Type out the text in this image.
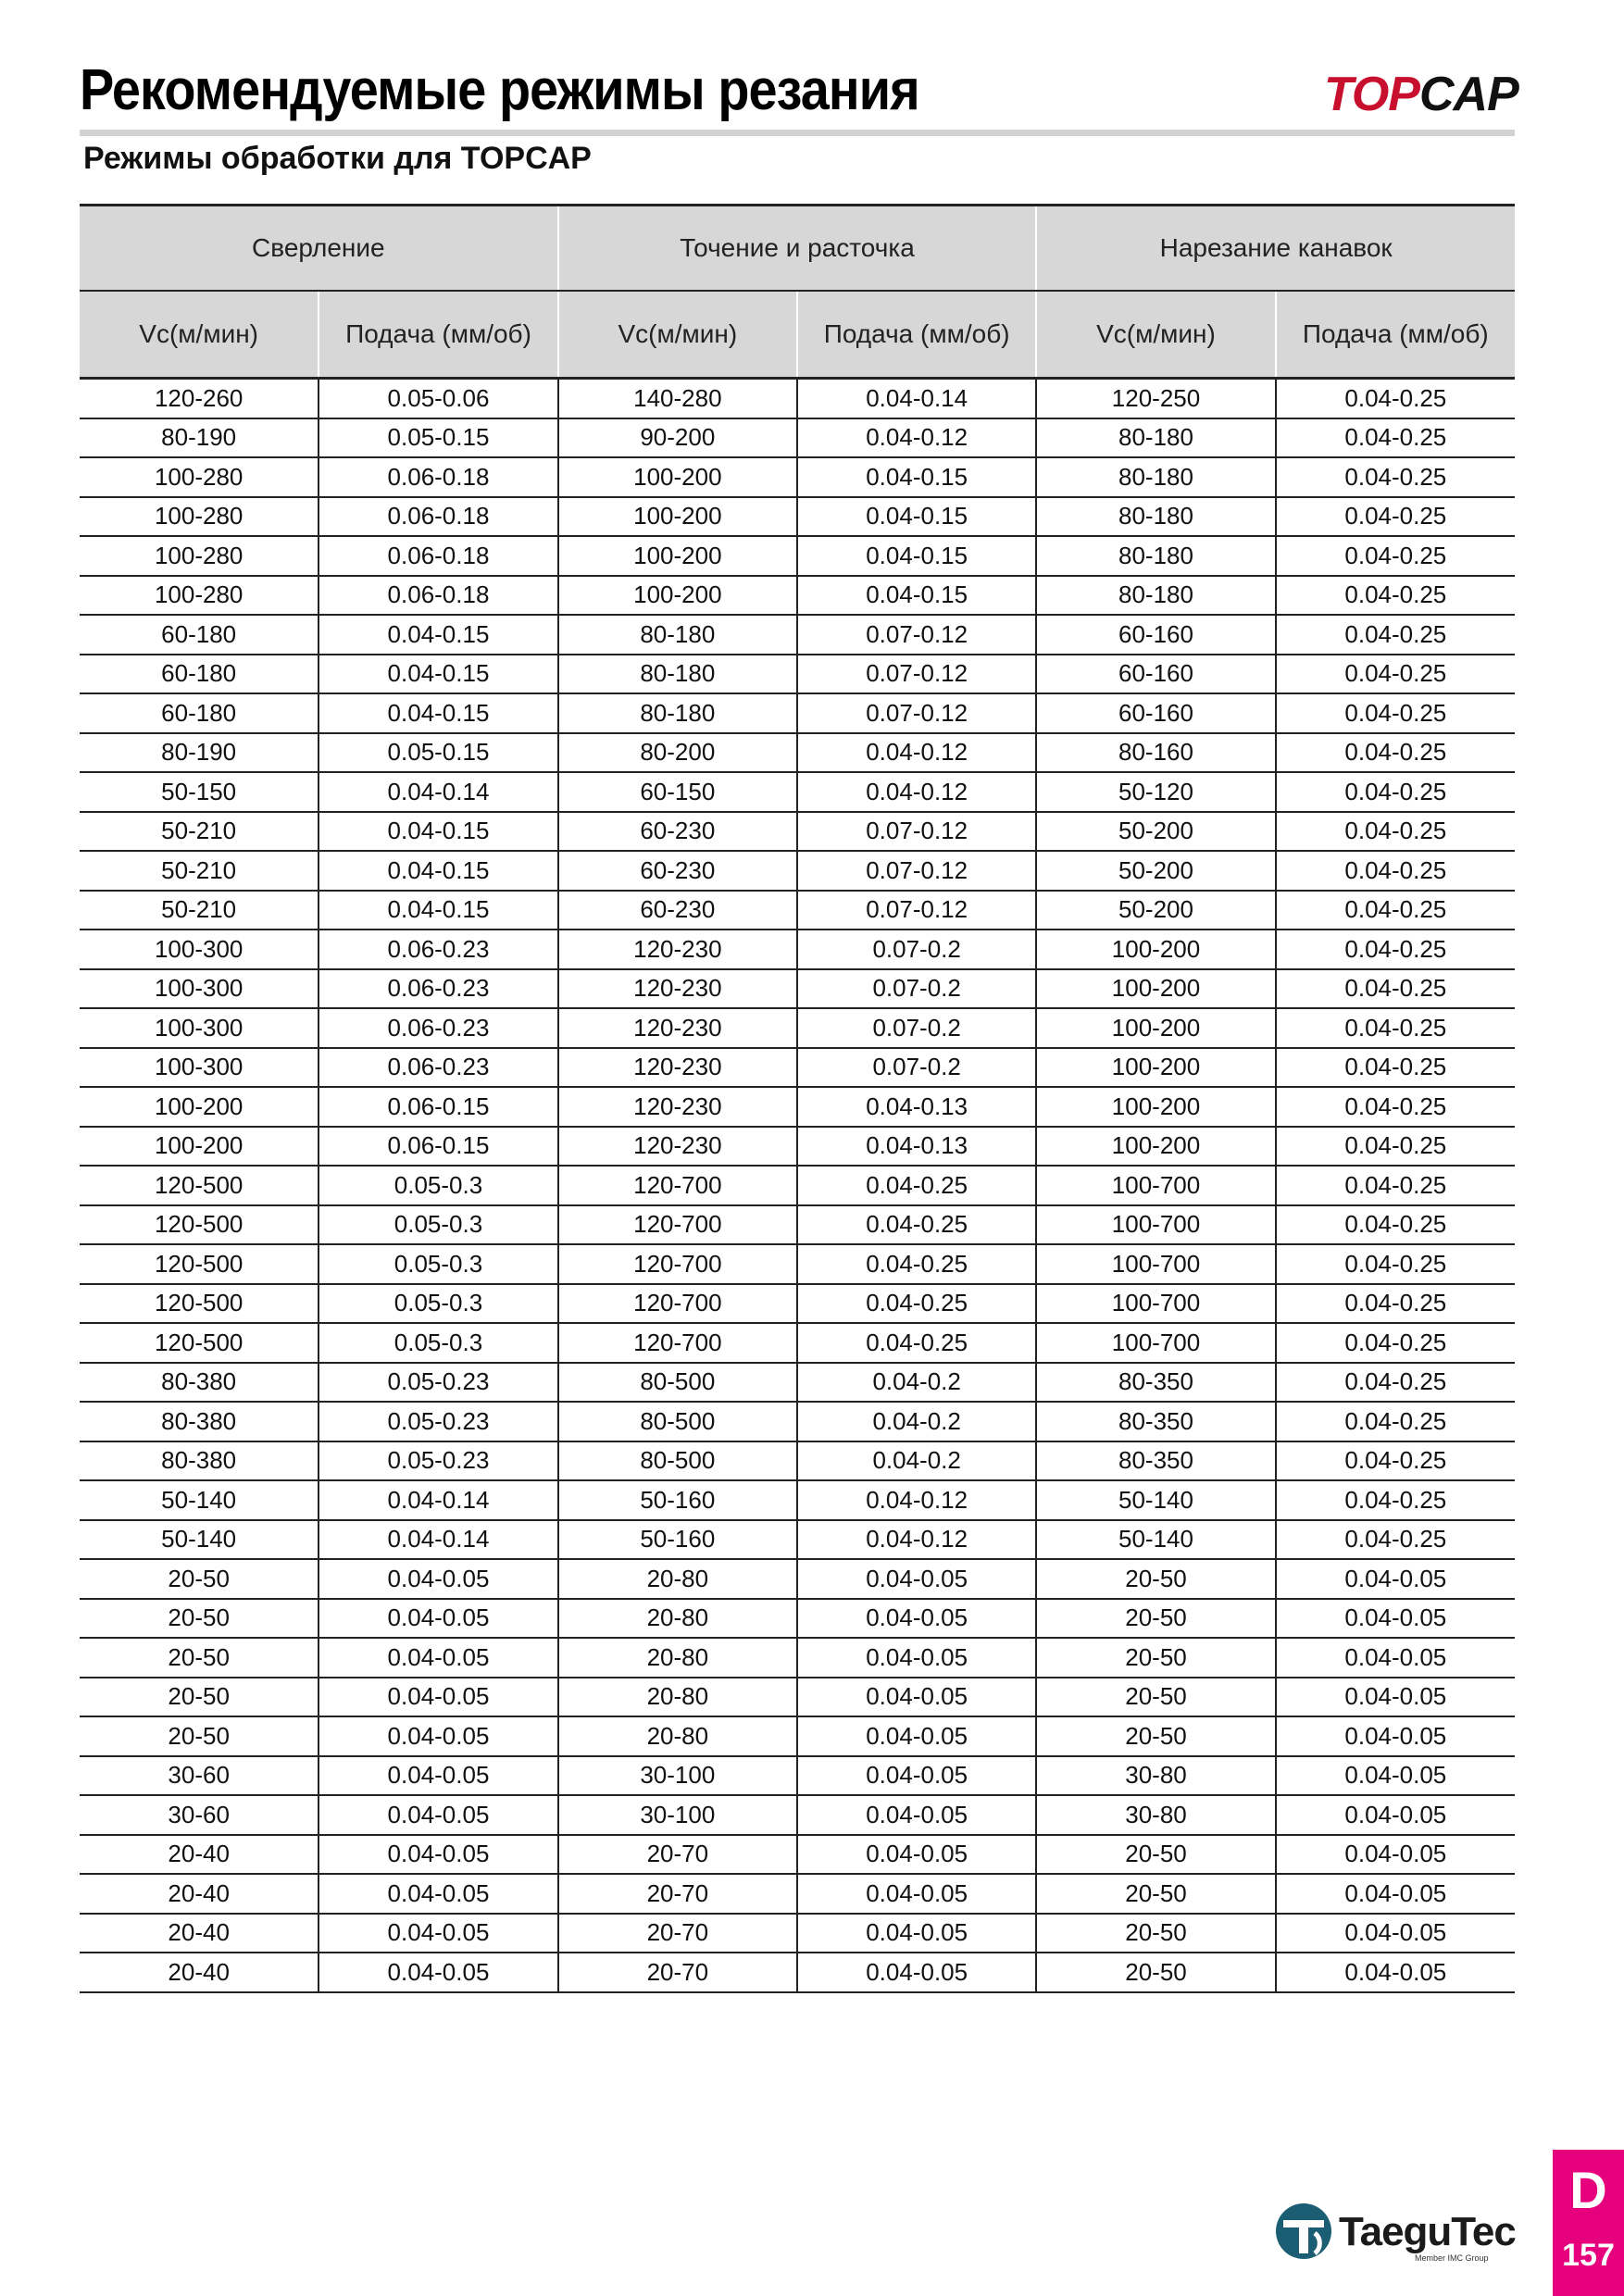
Рекомендуемые режимы резания	TOPCAP
Режимы обработки для TOPCAP
Сверление		Точение и расточка		Нарезание канавок	
Vc(м/мин)	Подача (мм/об)	Vc(м/мин)	Подача (мм/об)	Vc(м/мин)	Подача (мм/об)
120-260	0.05-0.06	140-280	0.04-0.14	120-250	0.04-0.25
80-190	0.05-0.15	90-200	0.04-0.12	80-180	0.04-0.25
100-280	0.06-0.18	100-200	0.04-0.15	80-180	0.04-0.25
100-280	0.06-0.18	100-200	0.04-0.15	80-180	0.04-0.25
100-280	0.06-0.18	100-200	0.04-0.15	80-180	0.04-0.25
100-280	0.06-0.18	100-200	0.04-0.15	80-180	0.04-0.25
60-180	0.04-0.15	80-180	0.07-0.12	60-160	0.04-0.25
60-180	0.04-0.15	80-180	0.07-0.12	60-160	0.04-0.25
60-180	0.04-0.15	80-180	0.07-0.12	60-160	0.04-0.25
80-190	0.05-0.15	80-200	0.04-0.12	80-160	0.04-0.25
50-150	0.04-0.14	60-150	0.04-0.12	50-120	0.04-0.25
50-210	0.04-0.15	60-230	0.07-0.12	50-200	0.04-0.25
50-210	0.04-0.15	60-230	0.07-0.12	50-200	0.04-0.25
50-210	0.04-0.15	60-230	0.07-0.12	50-200	0.04-0.25
100-300	0.06-0.23	120-230	0.07-0.2	100-200	0.04-0.25
100-300	0.06-0.23	120-230	0.07-0.2	100-200	0.04-0.25
100-300	0.06-0.23	120-230	0.07-0.2	100-200	0.04-0.25
100-300	0.06-0.23	120-230	0.07-0.2	100-200	0.04-0.25
100-200	0.06-0.15	120-230	0.04-0.13	100-200	0.04-0.25
100-200	0.06-0.15	120-230	0.04-0.13	100-200	0.04-0.25
120-500	0.05-0.3	120-700	0.04-0.25	100-700	0.04-0.25
120-500	0.05-0.3	120-700	0.04-0.25	100-700	0.04-0.25
120-500	0.05-0.3	120-700	0.04-0.25	100-700	0.04-0.25
120-500	0.05-0.3	120-700	0.04-0.25	100-700	0.04-0.25
120-500	0.05-0.3	120-700	0.04-0.25	100-700	0.04-0.25
80-380	0.05-0.23	80-500	0.04-0.2	80-350	0.04-0.25
80-380	0.05-0.23	80-500	0.04-0.2	80-350	0.04-0.25
80-380	0.05-0.23	80-500	0.04-0.2	80-350	0.04-0.25
50-140	0.04-0.14	50-160	0.04-0.12	50-140	0.04-0.25
50-140	0.04-0.14	50-160	0.04-0.12	50-140	0.04-0.25
20-50	0.04-0.05	20-80	0.04-0.05	20-50	0.04-0.05
20-50	0.04-0.05	20-80	0.04-0.05	20-50	0.04-0.05
20-50	0.04-0.05	20-80	0.04-0.05	20-50	0.04-0.05
20-50	0.04-0.05	20-80	0.04-0.05	20-50	0.04-0.05
20-50	0.04-0.05	20-80	0.04-0.05	20-50	0.04-0.05
30-60	0.04-0.05	30-100	0.04-0.05	30-80	0.04-0.05
30-60	0.04-0.05	30-100	0.04-0.05	30-80	0.04-0.05
20-40	0.04-0.05	20-70	0.04-0.05	20-50	0.04-0.05
20-40	0.04-0.05	20-70	0.04-0.05	20-50	0.04-0.05
20-40	0.04-0.05	20-70	0.04-0.05	20-50	0.04-0.05
20-40	0.04-0.05	20-70	0.04-0.05	20-50	0.04-0.05
TaeguTec
Member IMC Group
D
157
